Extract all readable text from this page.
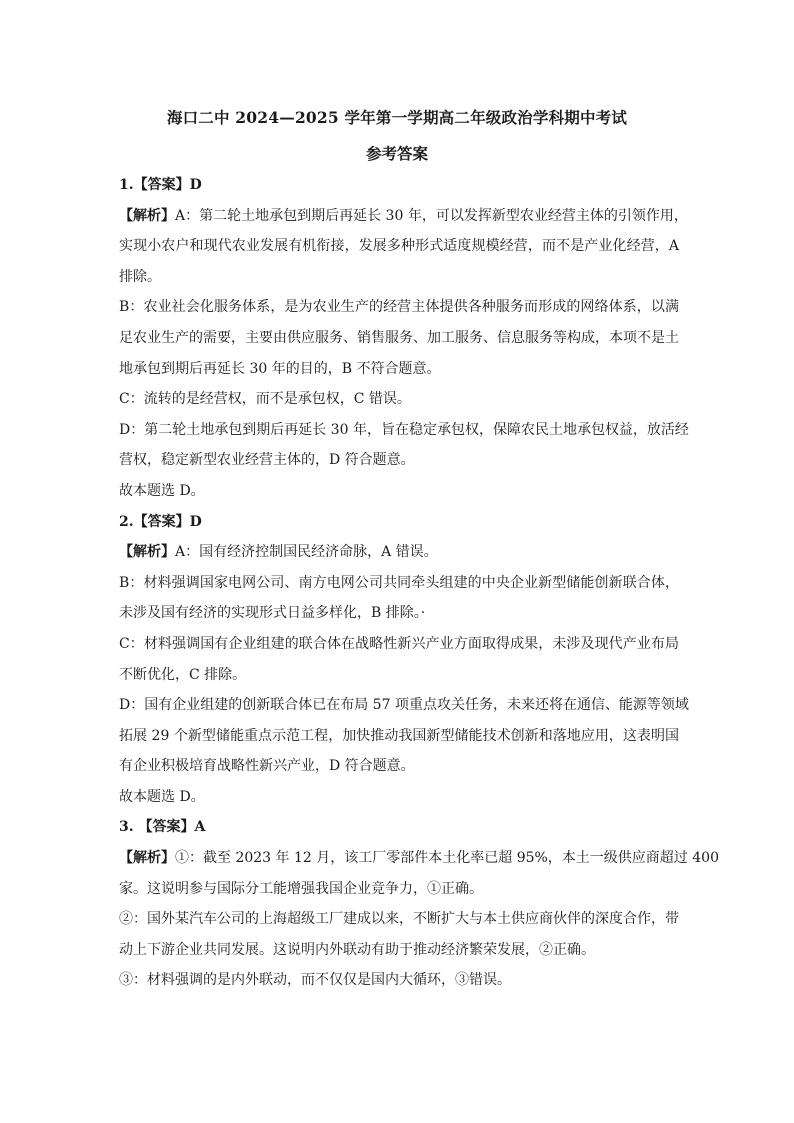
海口二中 2024—2025 学年第一学期高二年级政治学科期中考试
参考答案
1.【答案】D
【解析】A：第二轮土地承包到期后再延长 30 年，可以发挥新型农业经营主体的引领作用，
实现小农户和现代农业发展有机衔接，发展多种形式适度规模经营，而不是产业化经营，A
排除。
B：农业社会化服务体系，是为农业生产的经营主体提供各种服务而形成的网络体系，以满
足农业生产的需要，主要由供应服务、销售服务、加工服务、信息服务等构成，本项不是土
地承包到期后再延长 30 年的目的，B 不符合题意。
C：流转的是经营权，而不是承包权，C 错误。
D：第二轮土地承包到期后再延长 30 年，旨在稳定承包权，保障农民土地承包权益，放活经
营权，稳定新型农业经营主体的，D 符合题意。
故本题选 D。
2.【答案】D
【解析】A：国有经济控制国民经济命脉，A 错误。
B：材料强调国家电网公司、南方电网公司共同牵头组建的中央企业新型储能创新联合体，
未涉及国有经济的实现形式日益多样化，B 排除。·
C：材料强调国有企业组建的联合体在战略性新兴产业方面取得成果，未涉及现代产业布局
不断优化，C 排除。
D：国有企业组建的创新联合体已在布局 57 项重点攻关任务，未来还将在通信、能源等领域
拓展 29 个新型储能重点示范工程，加快推动我国新型储能技术创新和落地应用，这表明国
有企业积极培育战略性新兴产业，D 符合题意。
故本题选 D。
3. 【答案】A
【解析】①：截至 2023 年 12 月，该工厂零部件本土化率已超 95%，本土一级供应商超过 400
家。这说明参与国际分工能增强我国企业竞争力，①正确。
②：国外某汽车公司的上海超级工厂建成以来，不断扩大与本土供应商伙伴的深度合作，带
动上下游企业共同发展。这说明内外联动有助于推动经济繁荣发展，②正确。
③：材料强调的是内外联动，而不仅仅是国内大循环，③错误。
